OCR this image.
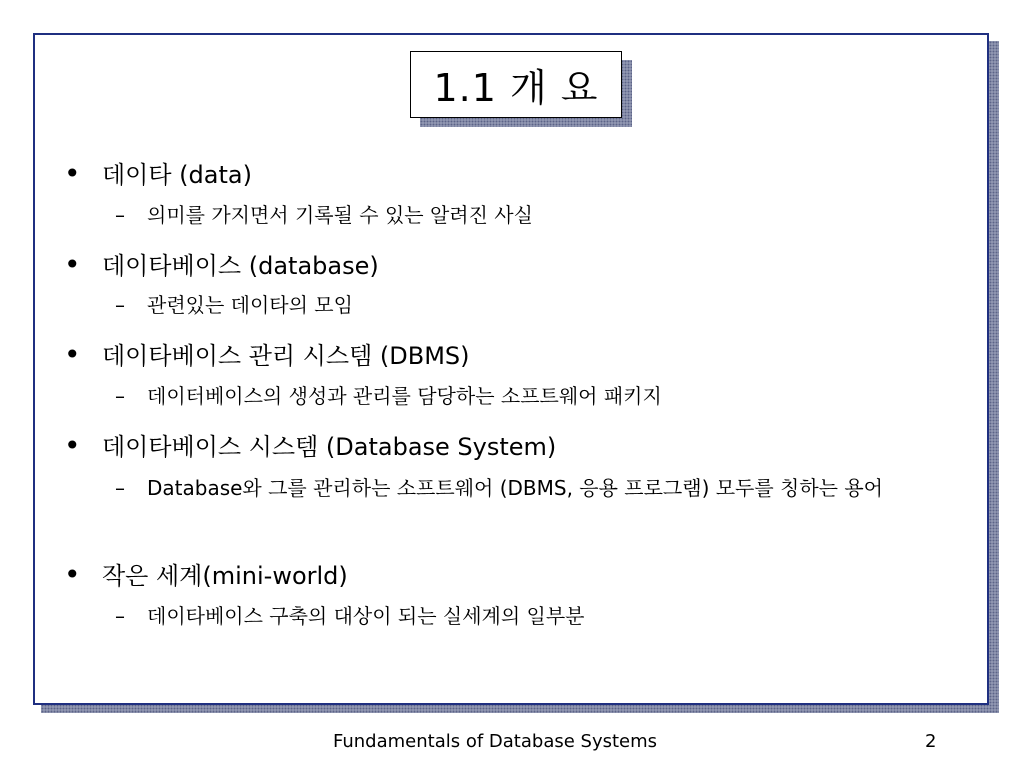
1.1 개 요
• 데이타 (data)
–	의미를 가지면서 기록될 수 있는 알려진 사실
• 데이타베이스 (database)
–	관련있는 데이타의 모임
• 데이타베이스 관리 시스템 (DBMS)
–	데이터베이스의 생성과 관리를 담당하는 소프트웨어 패키지
• 데이타베이스 시스템 (Database System)
–	Database와 그를 관리하는 소프트웨어 (DBMS, 응용 프로그램) 모두를 칭하는 용어
• 작은 세계(mini-world)
–	데이타베이스 구축의 대상이 되는 실세계의 일부분
Fundamentals of Database Systems	2
